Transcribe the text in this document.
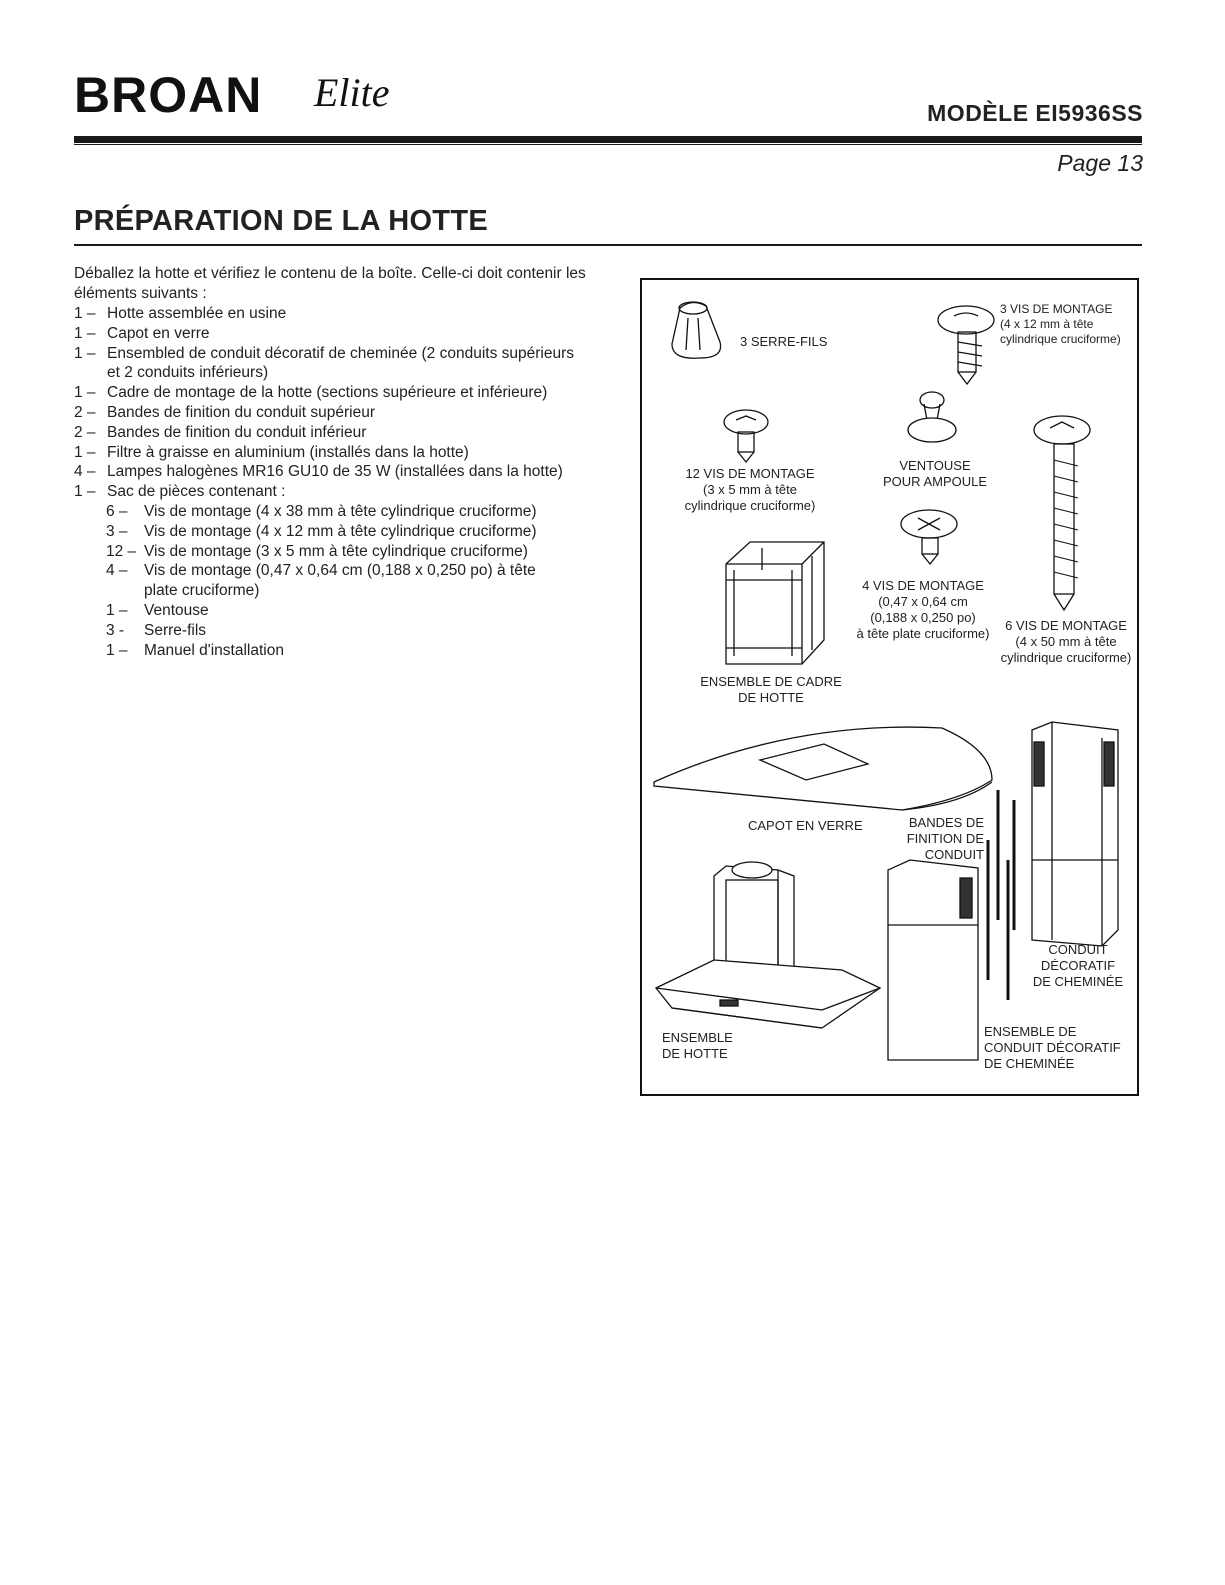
BROAN Elite	MODÈLE EI5936SS
Page 13
PRÉPARATION DE LA HOTTE
Déballez la hotte et vérifiez le contenu de la boîte. Celle-ci doit contenir les éléments suivants :
1 – Hotte assemblée en usine
1 – Capot en verre
1 – Ensembled de conduit décoratif de cheminée (2 conduits supérieurs et 2 conduits inférieurs)
1 – Cadre de montage de la hotte (sections supérieure et inférieure)
2 – Bandes de finition du conduit supérieur
2 – Bandes de finition du conduit inférieur
1 – Filtre à graisse en aluminium (installés dans la hotte)
4 – Lampes halogènes MR16 GU10 de 35 W (installées dans la hotte)
1 – Sac de pièces contenant :
6 –	Vis de montage (4 x 38 mm à tête cylindrique cruciforme)
3 –	Vis de montage (4 x 12 mm à tête cylindrique cruciforme)
12 – Vis de montage (3 x 5 mm à tête cylindrique cruciforme)
4 –	Vis de montage (0,47 x 0,64 cm (0,188 x 0,250 po) à tête plate cruciforme)
1 –	Ventouse
3 -	Serre-fils
1 –	Manuel d'installation
3 SERRE-FILS
3 VIS DE MONTAGE
(4 x 12 mm à tête
cylindrique cruciforme)
12 VIS DE MONTAGE
(3 x 5 mm à tête
cylindrique cruciforme)
VENTOUSE
POUR AMPOULE
4 VIS DE MONTAGE
(0,47 x 0,64 cm
(0,188 x 0,250 po)
à tête plate cruciforme)
6 VIS DE MONTAGE
(4 x 50 mm à tête
cylindrique cruciforme)
ENSEMBLE DE CADRE
DE HOTTE
CAPOT EN VERRE	BANDES DE
FINITION DE
CONDUIT
CONDUIT
DÉCORATIF
DE CHEMINÉE
ENSEMBLE
DE HOTTE
ENSEMBLE DE
CONDUIT DÉCORATIF
DE CHEMINÉE
